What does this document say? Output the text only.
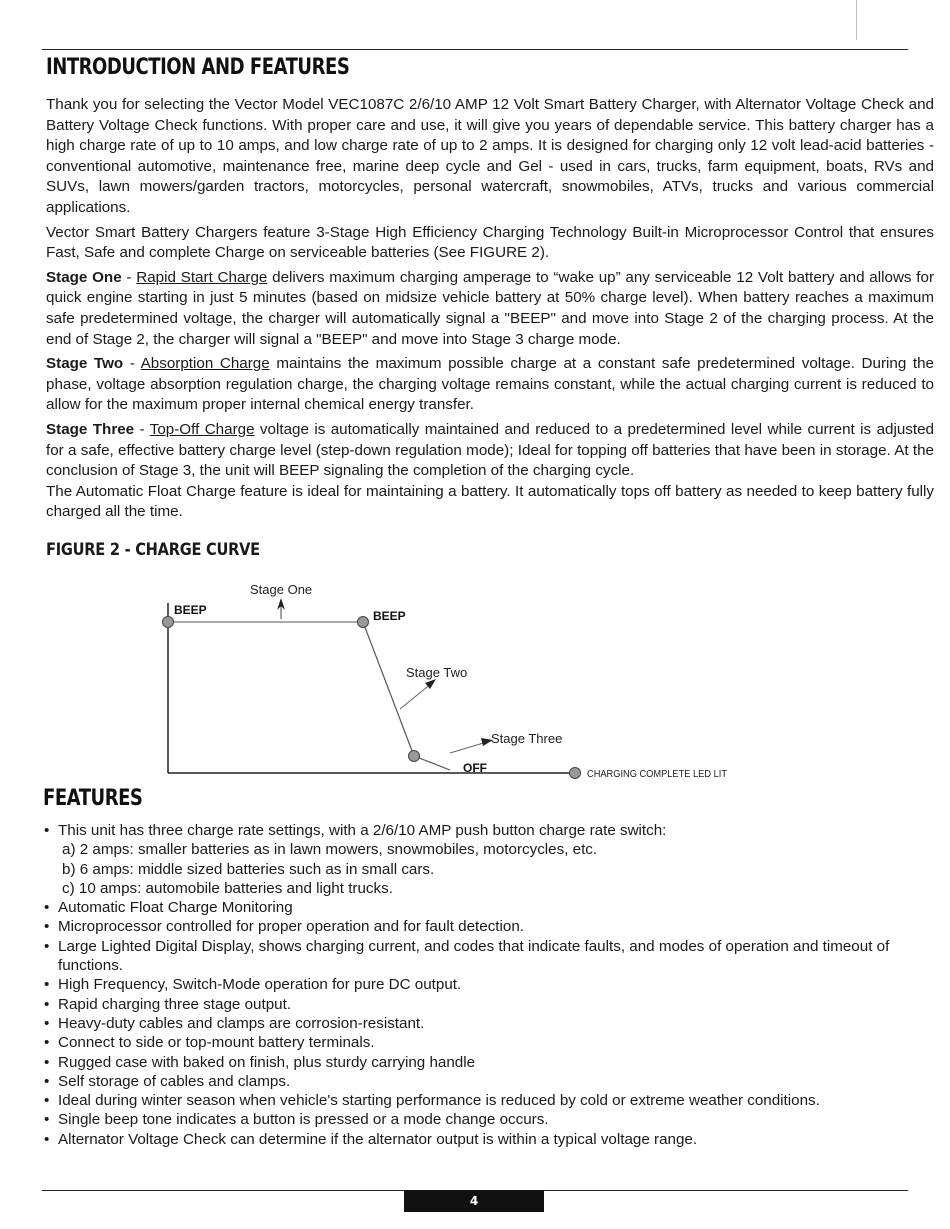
INTRODUCTION AND FEATURES

Thank you for selecting the Vector Model VEC1087C 2/6/10 AMP 12 Volt Smart Battery Charger, with Alternator Voltage Check and Battery Voltage Check functions. With proper care and use, it will give you years of dependable service. This battery charger has a high charge rate of up to 10 amps, and low charge rate of up to 2 amps. It is designed for charging only 12 volt lead-acid batteries - conventional automotive, maintenance free, marine deep cycle and Gel - used in cars, trucks, farm equipment, boats, RVs and SUVs, lawn mowers/garden tractors, motorcycles, personal watercraft, snowmobiles, ATVs, trucks and various commercial applications.

Vector Smart Battery Chargers feature 3-Stage High Efficiency Charging Technology Built-in Microprocessor Control that ensures Fast, Safe and complete Charge on serviceable batteries (See FIGURE 2).

Stage One - Rapid Start Charge delivers maximum charging amperage to “wake up” any serviceable 12 Volt battery and allows for quick engine starting in just 5 minutes (based on midsize vehicle battery at 50% charge level). When battery reaches a maximum safe predetermined voltage, the charger will automatically signal a "BEEP" and move into Stage 2 of the charging process. At the end of Stage 2, the charger will signal a "BEEP" and move into Stage 3 charge mode.

Stage Two - Absorption Charge maintains the maximum possible charge at a constant safe predetermined voltage. During the phase, voltage absorption regulation charge, the charging voltage remains constant, while the actual charging current is reduced to allow for the maximum proper internal chemical energy transfer.

Stage Three - Top-Off Charge voltage is automatically maintained and reduced to a predetermined level while current is adjusted for a safe, effective battery charge level (step-down regulation mode); Ideal for topping off batteries that have been in storage. At the conclusion of Stage 3, the unit will BEEP signaling the completion of the charging cycle.

The Automatic Float Charge feature is ideal for maintaining a battery. It automatically tops off battery as needed to keep battery fully charged all the time.

FIGURE 2 - CHARGE CURVE
Stage One
BEEP	BEEP
Stage Two
Stage Three
OFF	CHARGING COMPLETE LED LIT
FEATURES
• This unit has three charge rate settings, with a 2/6/10 AMP push button charge rate switch:
a) 2 amps: smaller batteries as in lawn mowers, snowmobiles, motorcycles, etc.
b) 6 amps: middle sized batteries such as in small cars.
c) 10 amps: automobile batteries and light trucks.
• Automatic Float Charge Monitoring
• Microprocessor controlled for proper operation and for fault detection.
• Large Lighted Digital Display, shows charging current, and codes that indicate faults, and modes of operation and timeout of functions.
• High Frequency, Switch-Mode operation for pure DC output.
• Rapid charging three stage output.
• Heavy-duty cables and clamps are corrosion-resistant.
• Connect to side or top-mount battery terminals.
• Rugged case with baked on finish, plus sturdy carrying handle
• Self storage of cables and clamps.
• Ideal during winter season when vehicle's starting performance is reduced by cold or extreme weather conditions.
• Single beep tone indicates a button is pressed or a mode change occurs.
• Alternator Voltage Check can determine if the alternator output is within a typical voltage range.
4
